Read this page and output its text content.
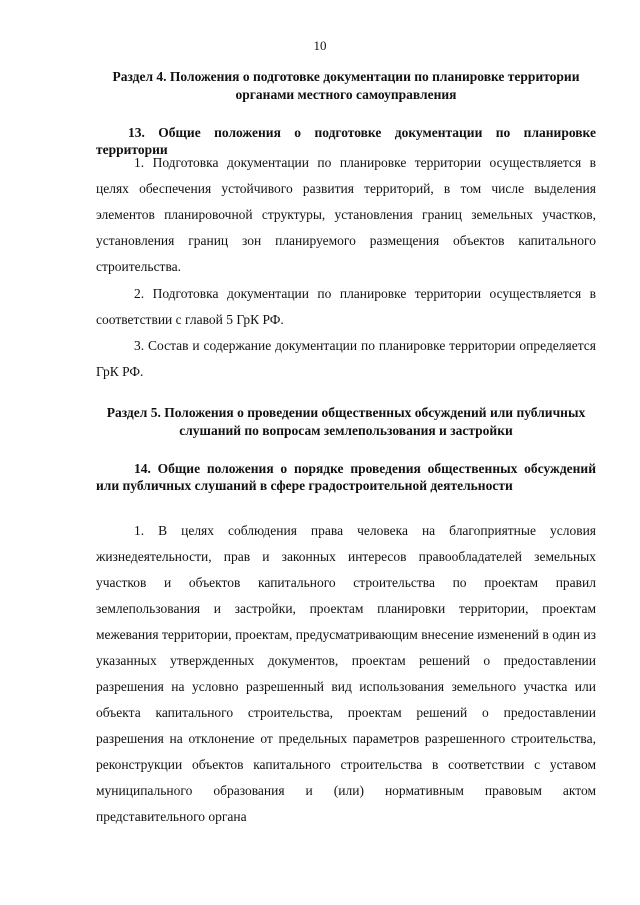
10
Раздел 4. Положения о подготовке документации по планировке территории органами местного самоуправления
13. Общие положения о подготовке документации по планировке территории
1. Подготовка документации по планировке территории осуществляется в целях обеспечения устойчивого развития территорий, в том числе выделения элементов планировочной структуры, установления границ земельных участков, установления границ зон планируемого размещения объектов капитального строительства.
2. Подготовка документации по планировке территории осуществляется в соответствии с главой 5 ГрК РФ.
3. Состав и содержание документации по планировке территории определяется ГрК РФ.
Раздел 5. Положения о проведении общественных обсуждений или публичных слушаний по вопросам землепользования и застройки
14. Общие положения о порядке проведения общественных обсуждений или публичных слушаний в сфере градостроительной деятельности
1. В целях соблюдения права человека на благоприятные условия жизнедеятельности, прав и законных интересов правообладателей земельных участков и объектов капитального строительства по проектам правил землепользования и застройки, проектам планировки территории, проектам межевания территории, проектам, предусматривающим внесение изменений в один из указанных утвержденных документов, проектам решений о предоставлении разрешения на условно разрешенный вид использования земельного участка или объекта капитального строительства, проектам решений о предоставлении разрешения на отклонение от предельных параметров разрешенного строительства, реконструкции объектов капитального строительства в соответствии с уставом муниципального образования и (или) нормативным правовым актом представительного органа
